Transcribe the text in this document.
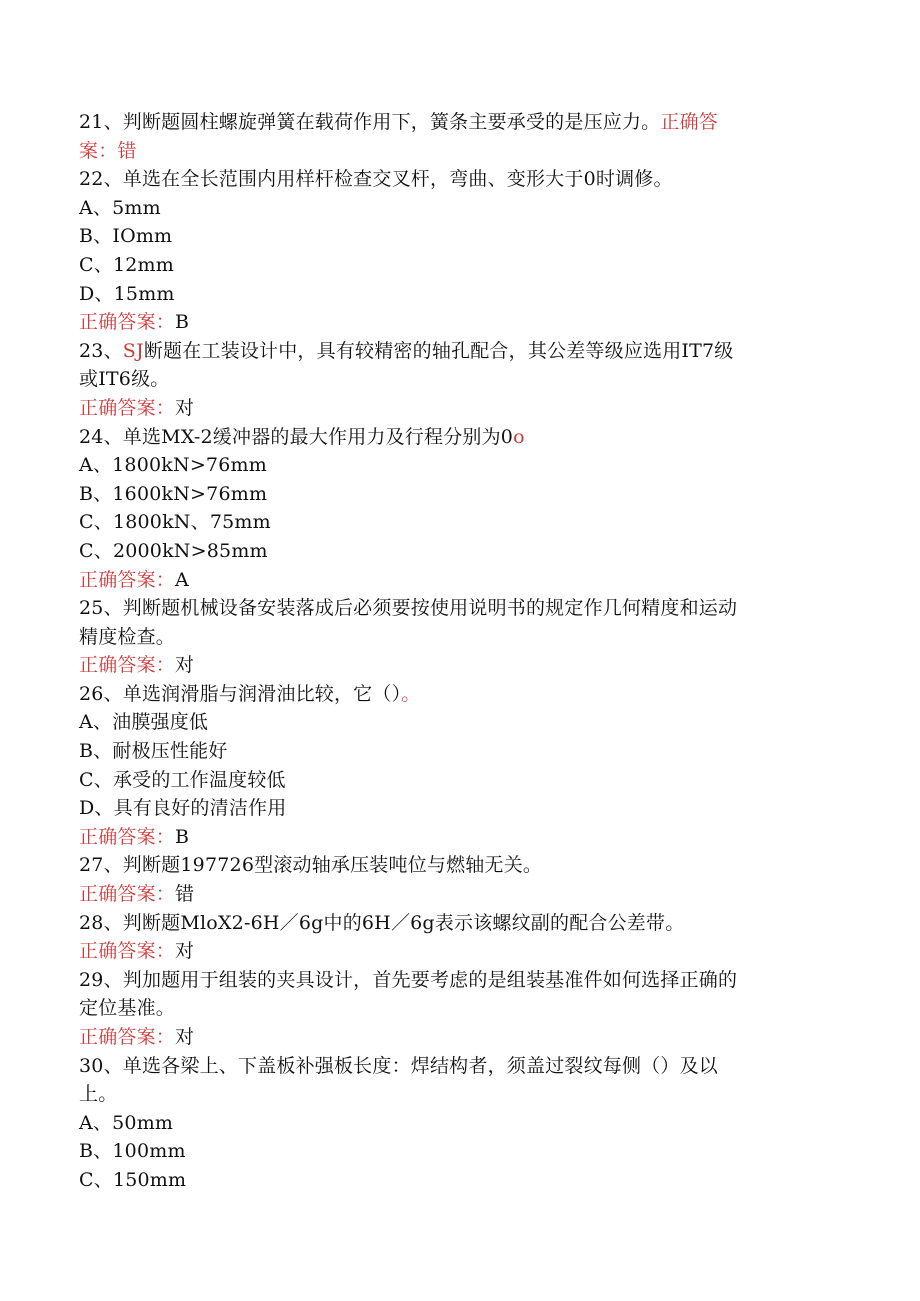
21、判断题圆柱螺旋弹簧在载荷作用下，簧条主要承受的是压应力。正确答
案：错
22、单选在全长范围内用样杆检查交叉杆，弯曲、变形大于0时调修。
A、5mm
B、IOmm
C、12mm
D、15mm
正确答案：B
23、SJ断题在工装设计中，具有较精密的轴孔配合，其公差等级应选用IT7级
或IT6级。
正确答案：对
24、单选MX-2缓冲器的最大作用力及行程分别为0o
A、1800kN>76mm
B、1600kN>76mm
C、1800kN、75mm
C、2000kN>85mm
正确答案：A
25、判断题机械设备安装落成后必须要按使用说明书的规定作几何精度和运动
精度检查。
正确答案：对
26、单选润滑脂与润滑油比较，它（）。
A、油膜强度低
B、耐极压性能好
C、承受的工作温度较低
D、具有良好的清洁作用
正确答案：B
27、判断题197726型滚动轴承压装吨位与燃轴无关。
正确答案：错
28、判断题MloX2-6H／6g中的6H／6g表示该螺纹副的配合公差带。
正确答案：对
29、判加题用于组装的夹具设计，首先要考虑的是组装基准件如何选择正确的
定位基准。
正确答案：对
30、单选各梁上、下盖板补强板长度：焊结构者，须盖过裂纹每侧（）及以
上。
A、50mm
B、100mm
C、150mm
